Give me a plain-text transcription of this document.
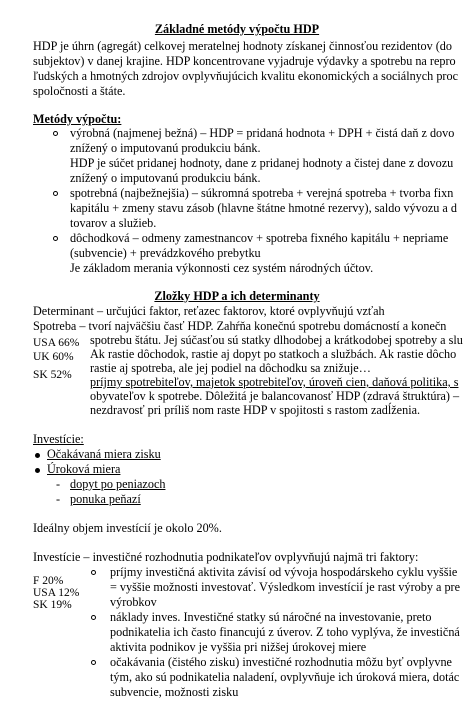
Základné metódy výpočtu HDP
HDP je úhrn (agregát) celkovej meratelnej hodnoty získanej činnosťou rezidentov (do
subjektov) v danej krajine. HDP koncentrovane vyjadruje výdavky a spotrebu na repro
ľudských a hmotných zdrojov ovplyvňujúcich kvalitu ekonomických a sociálnych proc
spoločnosti a štáte.
Metódy výpočtu:
výrobná (najmenej bežná) – HDP = pridaná hodnota + DPH + čistá daň z dovo
znížený o imputovanú produkciu bánk.
HDP je súčet pridanej hodnoty, dane z pridanej hodnoty a čistej dane z dovozu
znížený o imputovanú produkciu bánk.
spotrebná (najbežnejšia) – súkromná spotreba + verejná spotreba + tvorba fixn
kapitálu + zmeny stavu zásob (hlavne štátne hmotné rezervy), saldo vývozu a d
tovarov a služieb.
dôchodková – odmeny zamestnancov + spotreba fixného kapitálu + nepriame
(subvencie) + prevádzkového prebytku
Je základom merania výkonnosti cez systém národných účtov.
Zložky HDP a ich determinanty
Determinant – určujúci faktor, reťazec faktorov, ktoré ovplyvňujú vzťah
Spotreba – tvorí najväčšiu časť HDP. Zahŕňa konečnú spotrebu domácností a konečn
spotrebu štátu. Jej súčasťou sú statky dlhodobej a krátkodobej spotreby a slu
Ak rastie dôchodok, rastie aj dopyt po statkoch a službách. Ak rastie dôcho
rastie aj spotreba, ale jej podiel na dôchodku sa znižuje…
príjmy spotrebiteľov, majetok spotrebiteľov, úroveň cien, daňová politika, s
obyvateľov k spotrebe. Dôležitá je balancovanosť HDP (zdravá štruktúra) –
nezdravosť pri príliš nom raste HDP v spojitosti s rastom zadĺženia.
USA 66%
UK 60%
SK 52%
Investície:
Očakávaná miera zisku
Úroková miera
- dopyt po peniazoch
- ponuka peňazí
Ideálny objem investícií je okolo 20%.
Investície – investičné rozhodnutia podnikateľov ovplyvňujú najmä tri faktory:
F 20%
USA 12%
SK 19%
príjmy investičná aktivita závisí od vývoja hospodárskeho cyklu vyššie
= vyššie možnosti investovať. Výsledkom investícií je rast výroby a pre
výrobkov
náklady inves. Investičné statky sú náročné na investovanie, preto
podnikatelia ich často financujú z úverov. Z toho vyplýva, že investičná
aktivita podnikov je vyššia pri nižšej úrokovej miere
očakávania (čistého zisku) investičné rozhodnutia môžu byť ovplyvne
tým, ako sú podnikatelia naladení, ovplyvňuje ich úroková miera, dotác
subvencie, možnosti zisku
